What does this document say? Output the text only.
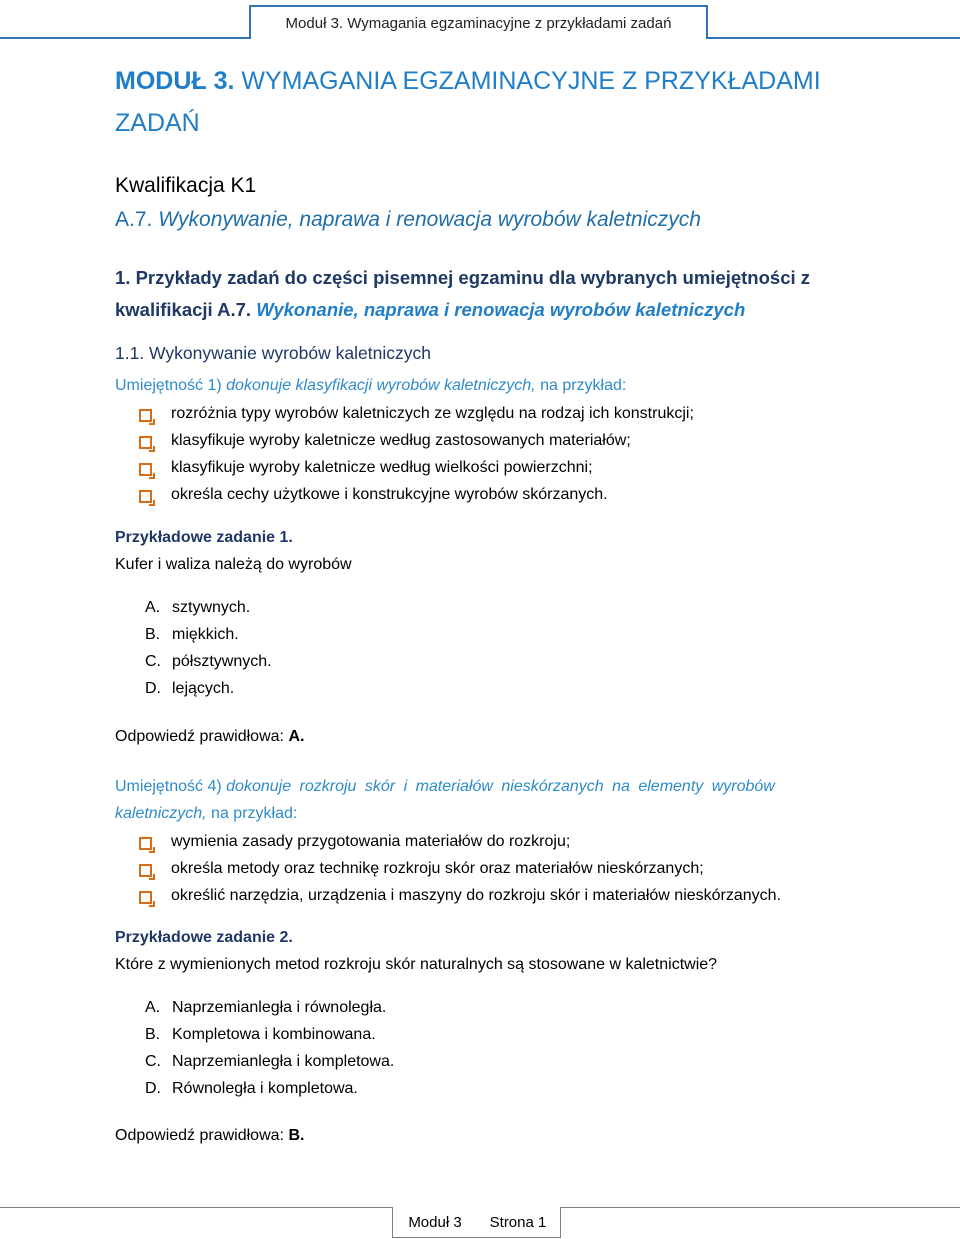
Moduł 3. Wymagania egzaminacyjne z przykładami zadań
MODUŁ 3. WYMAGANIA EGZAMINACYJNE Z PRZYKŁADAMI ZADAŃ
Kwalifikacja K1
A.7. Wykonywanie, naprawa i renowacja wyrobów kaletniczych
1. Przykłady zadań do części pisemnej egzaminu dla wybranych umiejętności z kwalifikacji A.7. Wykonanie, naprawa i renowacja wyrobów kaletniczych
1.1. Wykonywanie wyrobów kaletniczych
Umiejętność 1) dokonuje klasyfikacji wyrobów kaletniczych, na przykład:
rozróżnia typy wyrobów kaletniczych ze względu na rodzaj ich konstrukcji;
klasyfikuje wyroby kaletnicze według zastosowanych materiałów;
klasyfikuje wyroby kaletnicze według wielkości powierzchni;
określa cechy użytkowe i konstrukcyjne wyrobów skórzanych.
Przykładowe zadanie 1.
Kufer i waliza należą do wyrobów
A. sztywnych.
B. miękkich.
C. półsztywnych.
D. lejących.
Odpowiedź prawidłowa: A.
Umiejętność 4) dokonuje rozkroju skór i materiałów nieskórzanych na elementy wyrobów
kaletniczych, na przykład:
wymienia zasady przygotowania materiałów do rozkroju;
określa metody oraz technikę rozkroju skór oraz materiałów nieskórzanych;
określić narzędzia, urządzenia i maszyny do rozkroju skór i materiałów nieskórzanych.
Przykładowe zadanie 2.
Które z wymienionych metod rozkroju skór naturalnych są stosowane w kaletnictwie?
A. Naprzemianległa i równoległa.
B. Kompletowa i kombinowana.
C. Naprzemianległa i kompletowa.
D. Równoległa i kompletowa.
Odpowiedź prawidłowa: B.
Moduł 3 Strona 1
